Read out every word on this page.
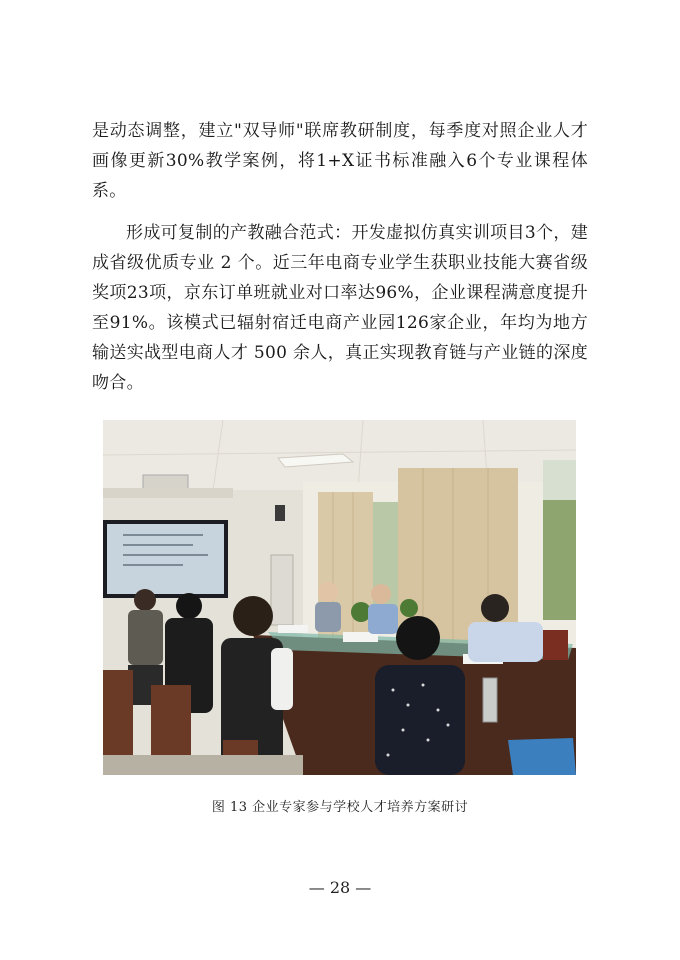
是动态调整，建立"双导师"联席教研制度，每季度对照企业人才画像更新30%教学案例，将1+X证书标准融入6个专业课程体系。

形成可复制的产教融合范式：开发虚拟仿真实训项目3个，建成省级优质专业 2 个。近三年电商专业学生获职业技能大赛省级奖项23项，京东订单班就业对口率达96%，企业课程满意度提升至91%。该模式已辐射宿迁电商产业园126家企业，年均为地方输送实战型电商人才 500 余人，真正实现教育链与产业链的深度吻合。

图 13 企业专家参与学校人才培养方案研讨
— 28 —
